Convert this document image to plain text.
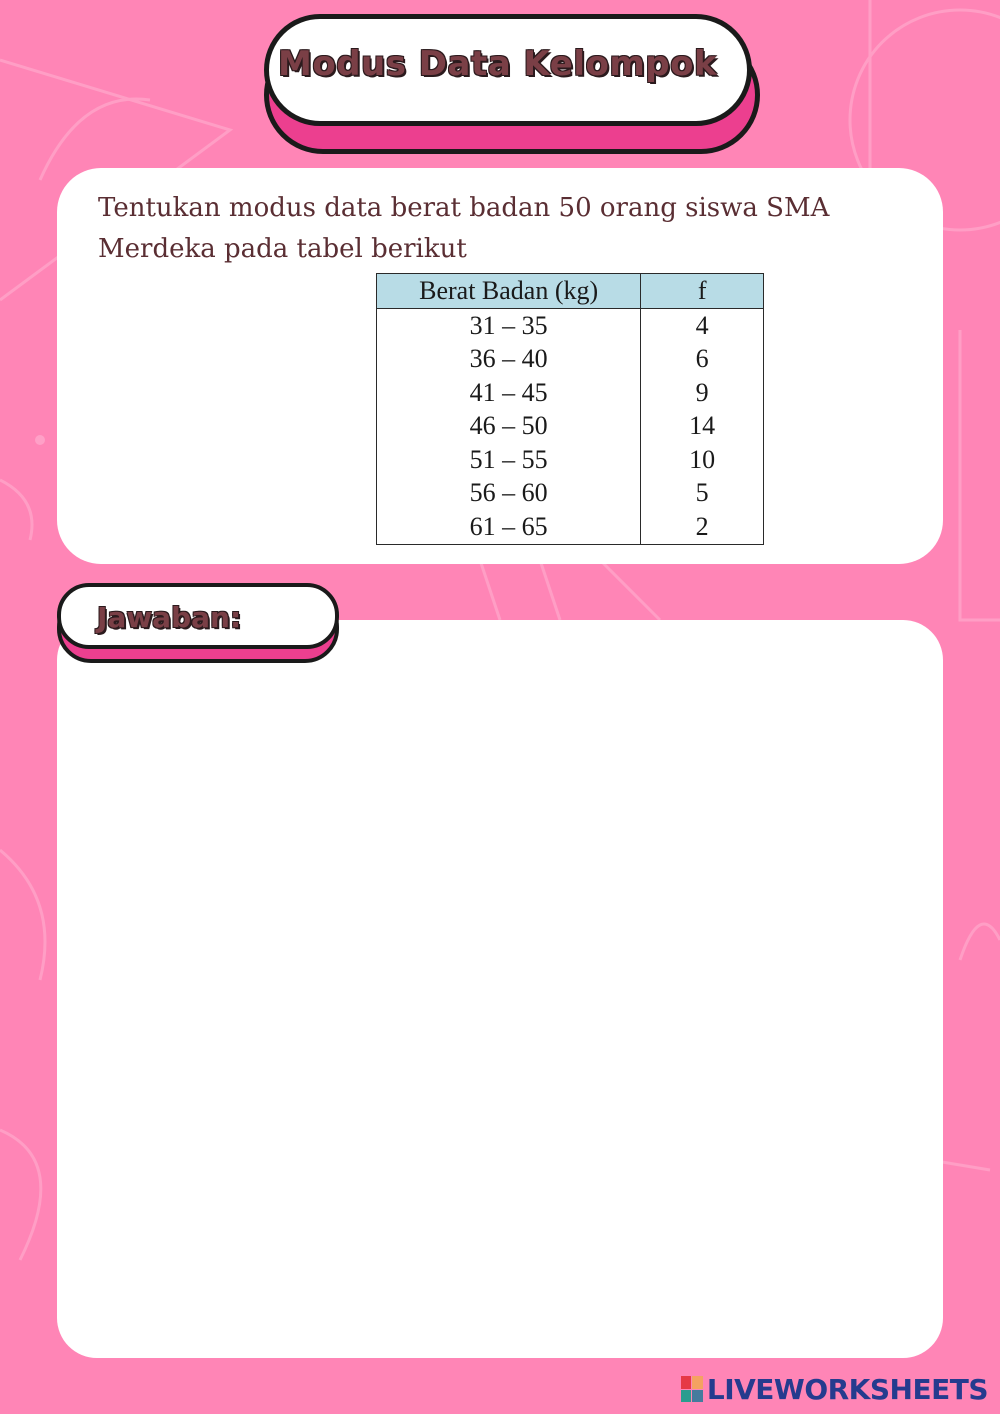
Modus Data Kelompok

Tentukan modus data berat badan 50 orang siswa SMA
Merdeka pada tabel berikut

Berat Badan (kg)	f
31 – 35	4
36 – 40	6
41 – 45	9
46 – 50	14
51 – 55	10
56 – 60	5
61 – 65	2
Jawaban:
LIVEWORKSHEETS
